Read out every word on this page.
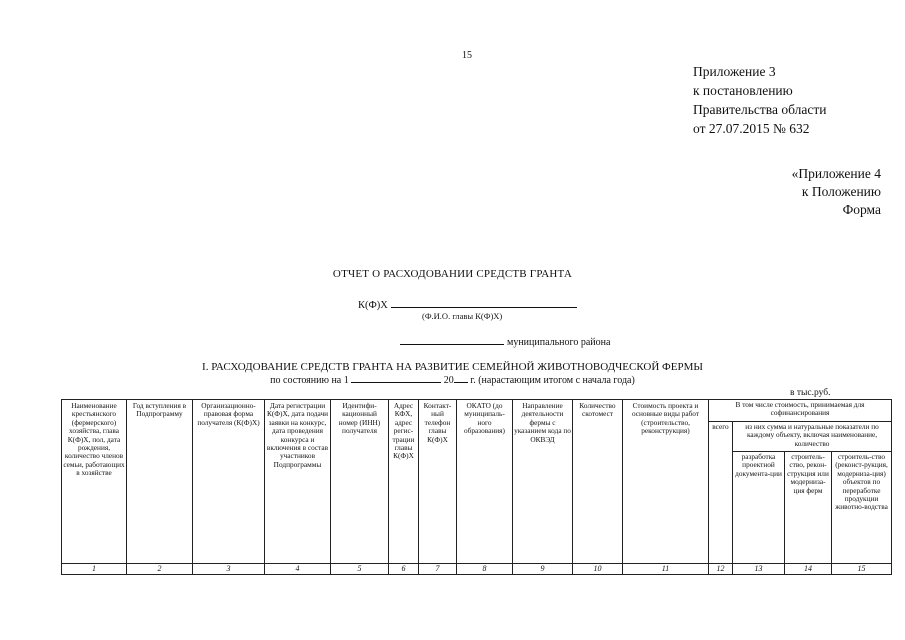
15
Приложение 3
к постановлению
Правительства области
от 27.07.2015 № 632
«Приложение 4
к Положению
Форма
ОТЧЕТ О РАСХОДОВАНИИ СРЕДСТВ ГРАНТА
К(Ф)Х
(Ф.И.О. главы К(Ф)Х)
муниципального района
I. РАСХОДОВАНИЕ СРЕДСТВ ГРАНТА НА РАЗВИТИЕ СЕМЕЙНОЙ ЖИВОТНОВОДЧЕСКОЙ ФЕРМЫ
по состоянию на 1	20 г. (нарастающим итогом с начала года)
в тыс.руб.
Наименование крестьянского (фермерского) хозяйства, глава К(Ф)Х, пол, дата рождения, количество членов семьи, работающих в хозяйстве	Год вступления в Подпрограмму	Организационно-правовая форма получателя (К(Ф)Х)	Дата регистрации К(Ф)Х, дата подачи заявки на конкурс, дата проведения конкурса и включения в состав участников Подпрограммы	Идентифи-кационный номер (ИНН) получателя	Адрес КФХ, адрес регис-трации главы К(Ф)Х	Контакт-ный телефон главы К(Ф)Х	ОКАТО (до муниципаль-ного образования)	Направление деятельности фермы с указанием кода по ОКВЭД	Количество скотомест	Стоимость проекта и основные виды работ (строительство, реконструкция)	В том числе стоимость, принимаемая для софинансирования			
											всего	из них сумма и натуральные показатели по каждому объекту, включая наименование, количество		
												разработка проектной документа-ции	строитель-ство, рекон-струкция или модерниза-ция ферм	строитель-ство (реконст-рукция, модерниза-ция) объектов по переработке продукции животно-водства

1	2	3	4	5	6	7	8	9	10	11	12	13	14	15
